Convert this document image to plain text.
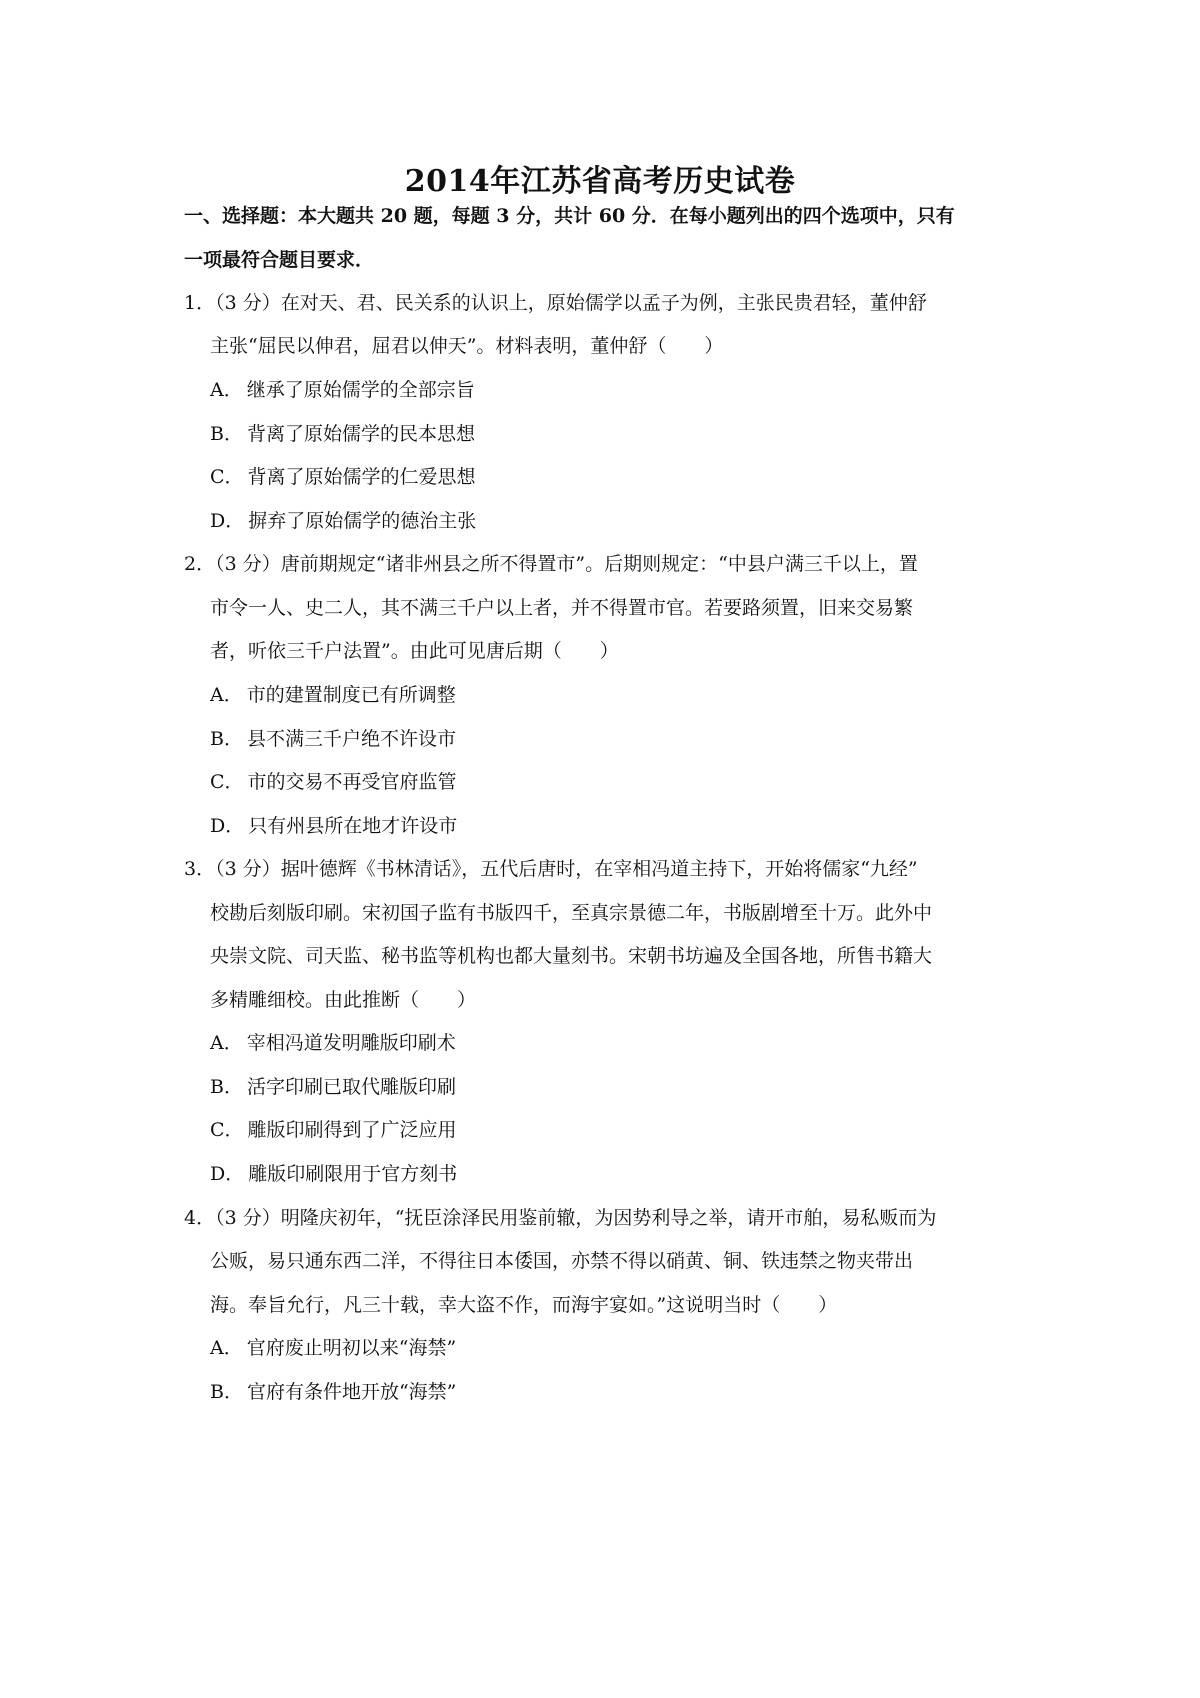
2014年江苏省高考历史试卷
一、选择题：本大题共 20 题，每题 3 分，共计 60 分．在每小题列出的四个选项中，只有
一项最符合题目要求．
1．（3 分）在对天、君、民关系的认识上，原始儒学以孟子为例，主张民贵君轻，董仲舒
主张“屈民以伸君，屈君以伸天”。材料表明，董仲舒（　　）
A． 继承了原始儒学的全部宗旨
B． 背离了原始儒学的民本思想
C． 背离了原始儒学的仁爱思想
D． 摒弃了原始儒学的德治主张
2．（3 分）唐前期规定“诸非州县之所不得置市”。后期则规定：“中县户满三千以上，置
市令一人、史二人，其不满三千户以上者，并不得置市官。若要路须置，旧来交易繁
者，听依三千户法置”。由此可见唐后期（　　）
A． 市的建置制度已有所调整
B． 县不满三千户绝不许设市
C． 市的交易不再受官府监管
D． 只有州县所在地才许设市
3．（3 分）据叶德辉《书林清话》，五代后唐时，在宰相冯道主持下，开始将儒家“九经”
校勘后刻版印刷。宋初国子监有书版四千，至真宗景德二年，书版剧增至十万。此外中
央崇文院、司天监、秘书监等机构也都大量刻书。宋朝书坊遍及全国各地，所售书籍大
多精雕细校。由此推断（　　）
A． 宰相冯道发明雕版印刷术
B． 活字印刷已取代雕版印刷
C． 雕版印刷得到了广泛应用
D． 雕版印刷限用于官方刻书
4．（3 分）明隆庆初年，“抚臣涂泽民用鉴前辙，为因势利导之举，请开市舶，易私贩而为
公贩，易只通东西二洋，不得往日本倭国，亦禁不得以硝黄、铜、铁违禁之物夹带出
海。奉旨允行，凡三十载，幸大盗不作，而海宇宴如。”这说明当时（　　）
A． 官府废止明初以来“海禁”
B． 官府有条件地开放“海禁”
